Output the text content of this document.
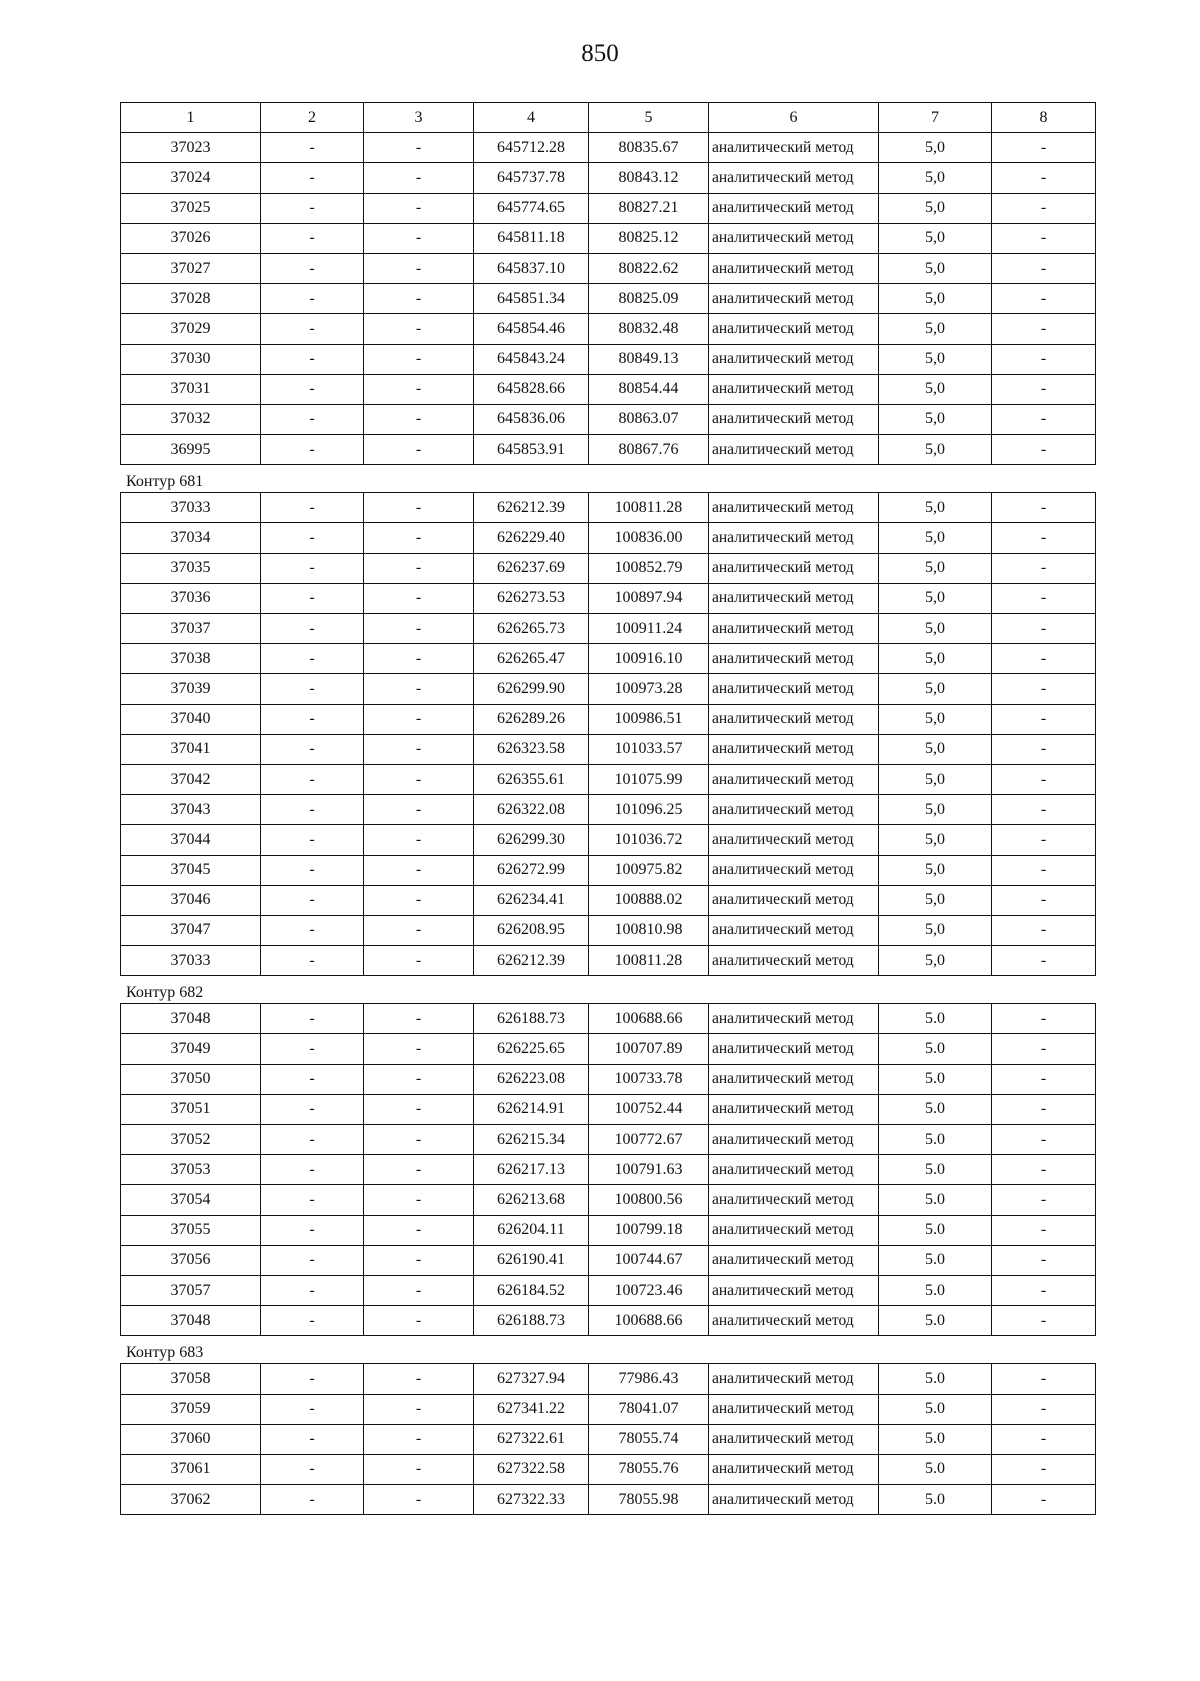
850
1	2	3	4	5	6	7	8
37023	-	-	645712.28	80835.67	аналитический метод	5,0	-
37024	-	-	645737.78	80843.12	аналитический метод	5,0	-
37025	-	-	645774.65	80827.21	аналитический метод	5,0	-
37026	-	-	645811.18	80825.12	аналитический метод	5,0	-
37027	-	-	645837.10	80822.62	аналитический метод	5,0	-
37028	-	-	645851.34	80825.09	аналитический метод	5,0	-
37029	-	-	645854.46	80832.48	аналитический метод	5,0	-
37030	-	-	645843.24	80849.13	аналитический метод	5,0	-
37031	-	-	645828.66	80854.44	аналитический метод	5,0	-
37032	-	-	645836.06	80863.07	аналитический метод	5,0	-
36995	-	-	645853.91	80867.76	аналитический метод	5,0	-
Контур 681
37033	-	-	626212.39	100811.28	аналитический метод	5,0	-
37034	-	-	626229.40	100836.00	аналитический метод	5,0	-
37035	-	-	626237.69	100852.79	аналитический метод	5,0	-
37036	-	-	626273.53	100897.94	аналитический метод	5,0	-
37037	-	-	626265.73	100911.24	аналитический метод	5,0	-
37038	-	-	626265.47	100916.10	аналитический метод	5,0	-
37039	-	-	626299.90	100973.28	аналитический метод	5,0	-
37040	-	-	626289.26	100986.51	аналитический метод	5,0	-
37041	-	-	626323.58	101033.57	аналитический метод	5,0	-
37042	-	-	626355.61	101075.99	аналитический метод	5,0	-
37043	-	-	626322.08	101096.25	аналитический метод	5,0	-
37044	-	-	626299.30	101036.72	аналитический метод	5,0	-
37045	-	-	626272.99	100975.82	аналитический метод	5,0	-
37046	-	-	626234.41	100888.02	аналитический метод	5,0	-
37047	-	-	626208.95	100810.98	аналитический метод	5,0	-
37033	-	-	626212.39	100811.28	аналитический метод	5,0	-
Контур 682
37048	-	-	626188.73	100688.66	аналитический метод	5.0	-
37049	-	-	626225.65	100707.89	аналитический метод	5.0	-
37050	-	-	626223.08	100733.78	аналитический метод	5.0	-
37051	-	-	626214.91	100752.44	аналитический метод	5.0	-
37052	-	-	626215.34	100772.67	аналитический метод	5.0	-
37053	-	-	626217.13	100791.63	аналитический метод	5.0	-
37054	-	-	626213.68	100800.56	аналитический метод	5.0	-
37055	-	-	626204.11	100799.18	аналитический метод	5.0	-
37056	-	-	626190.41	100744.67	аналитический метод	5.0	-
37057	-	-	626184.52	100723.46	аналитический метод	5.0	-
37048	-	-	626188.73	100688.66	аналитический метод	5.0	-
Контур 683
37058	-	-	627327.94	77986.43	аналитический метод	5.0	-
37059	-	-	627341.22	78041.07	аналитический метод	5.0	-
37060	-	-	627322.61	78055.74	аналитический метод	5.0	-
37061	-	-	627322.58	78055.76	аналитический метод	5.0	-
37062	-	-	627322.33	78055.98	аналитический метод	5.0	-
